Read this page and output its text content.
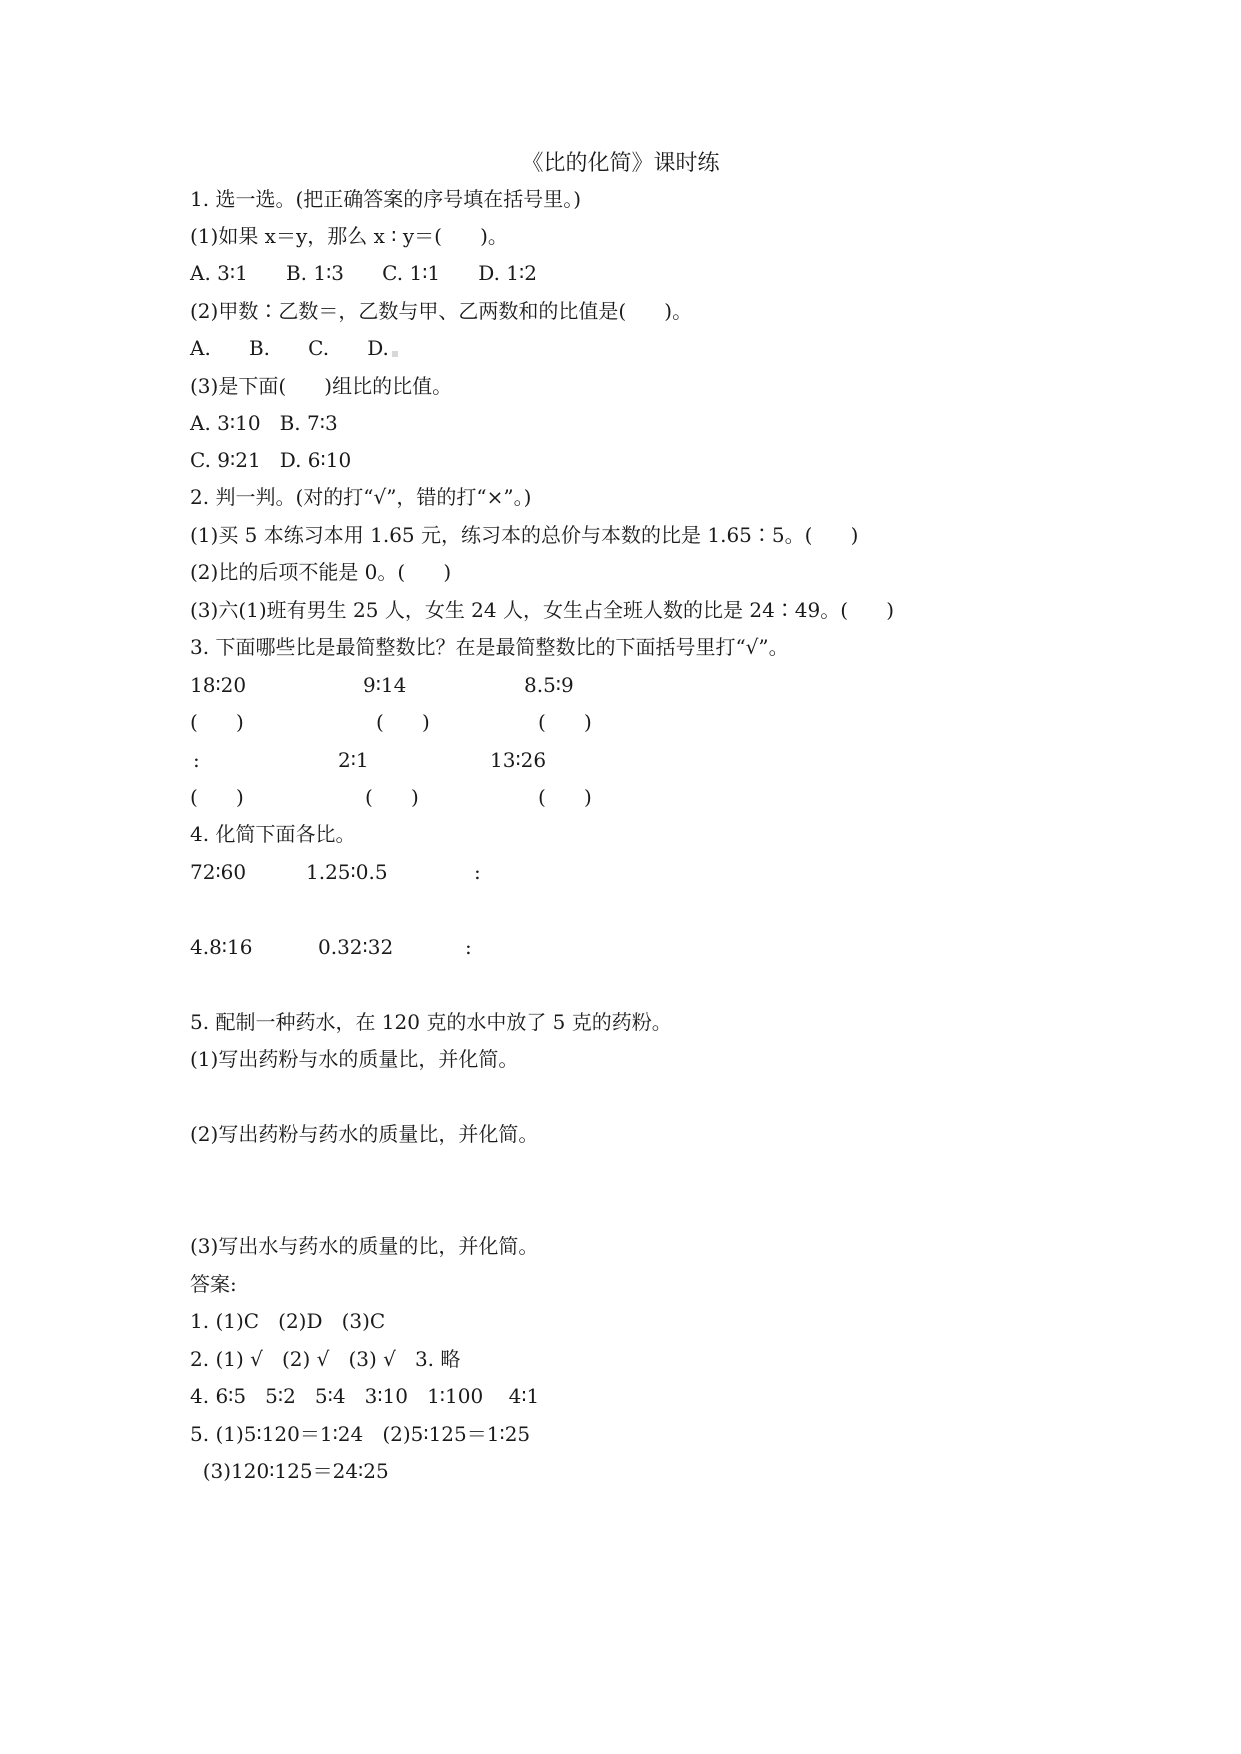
《比的化简》课时练
1. 选一选。(把正确答案的序号填在括号里。)
(1)如果 x＝y，那么 x ∶ y＝(      )。
A. 3∶1      B. 1∶3      C. 1∶1      D. 1∶2
(2)甲数∶乙数＝，乙数与甲、乙两数和的比值是(      )。
A.      B.      C.      D.
(3)是下面(      )组比的比值。
A. 3∶10   B. 7∶3
C. 9∶21   D. 6∶10
2. 判一判。(对的打“√”，错的打“×”。)
(1)买 5 本练习本用 1.65 元，练习本的总价与本数的比是 1.65∶5。(      )
(2)比的后项不能是 0。(      )
(3)六(1)班有男生 25 人，女生 24 人，女生占全班人数的比是 24∶49。(      )
3. 下面哪些比是最简整数比？在是最简整数比的下面括号里打“√”。
18∶20	9∶14	8.5∶9
(      )	(      )	(      )
:	2∶1	13∶26
(      )	(      )	(      )
4. 化简下面各比。
72∶60	1.25∶0.5	:
4.8∶16	0.32∶32	:
5. 配制一种药水，在 120 克的水中放了 5 克的药粉。
(1)写出药粉与水的质量比，并化简。
(2)写出药粉与药水的质量比，并化简。
(3)写出水与药水的质量的比，并化简。
答案:
1. (1)C   (2)D   (3)C
2. (1) √   (2) √   (3) √   3. 略
4. 6∶5   5∶2   5∶4   3∶10   1∶100    4∶1
5. (1)5∶120＝1∶24   (2)5∶125＝1∶25
(3)120∶125＝24∶25
